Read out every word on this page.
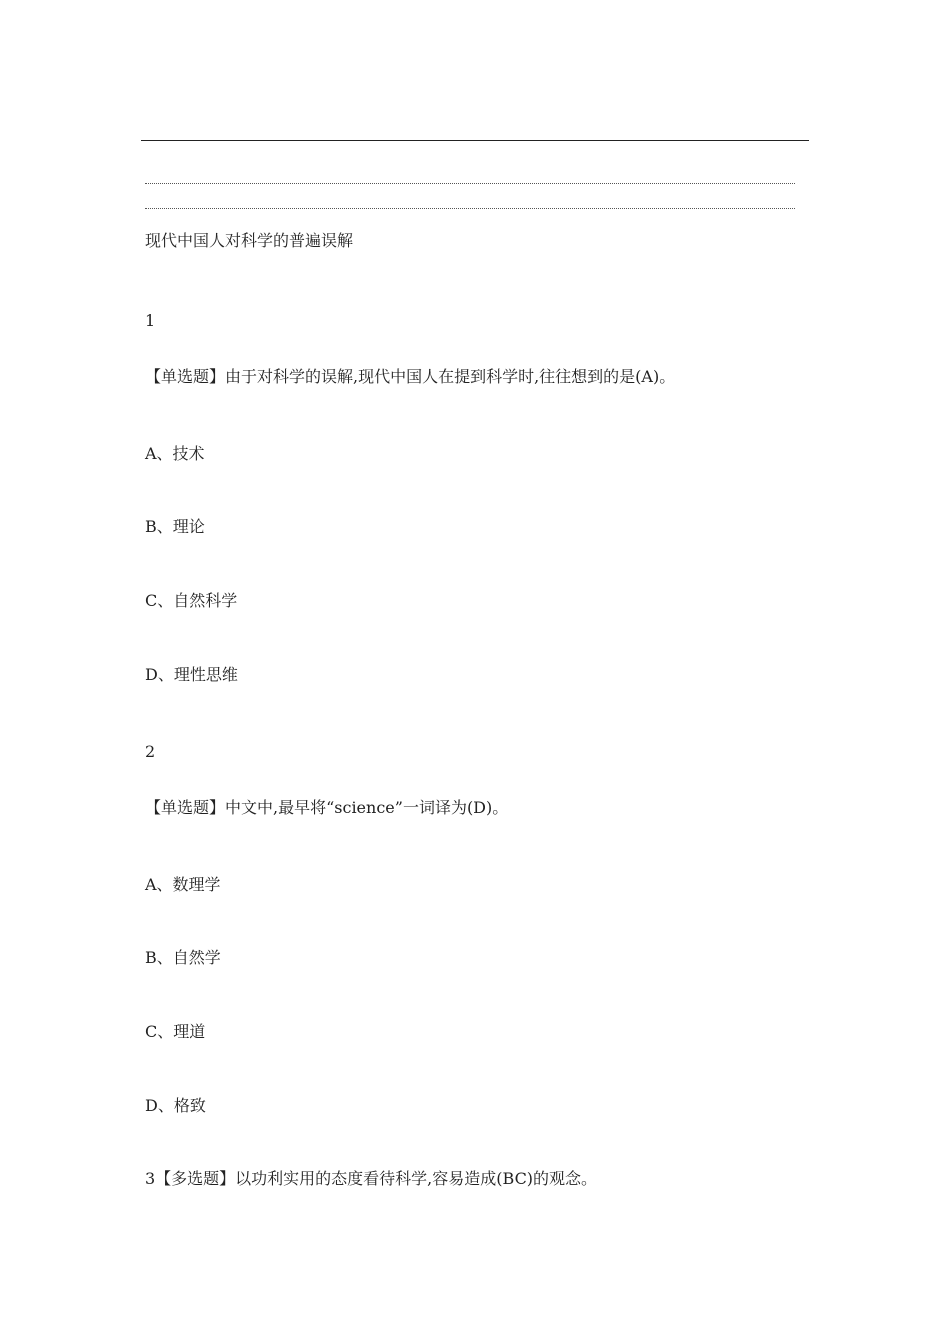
现代中国人对科学的普遍误解
1
【单选题】由于对科学的误解,现代中国人在提到科学时,往往想到的是(A)。
A、技术
B、理论
C、自然科学
D、理性思维
2
【单选题】中文中,最早将“science”一词译为(D)。
A、数理学
B、自然学
C、理道
D、格致
3【多选题】以功利实用的态度看待科学,容易造成(BC)的观念。
